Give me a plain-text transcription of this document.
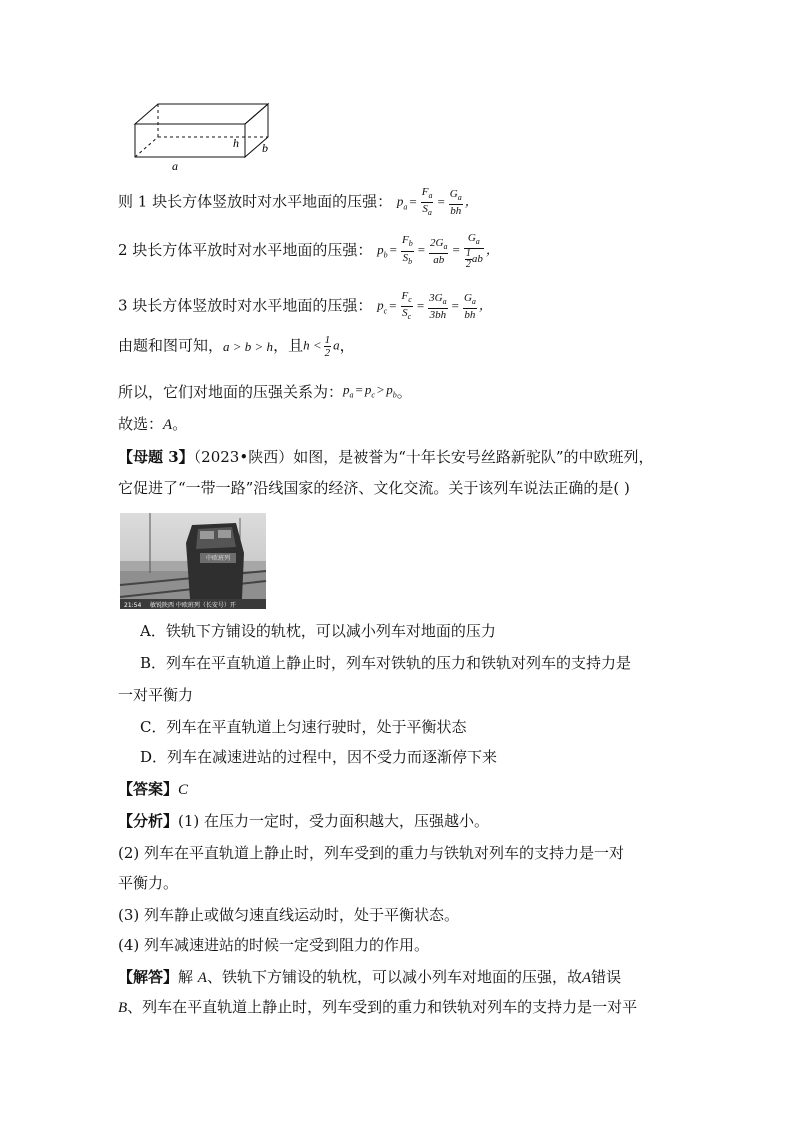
a
h b
则 1 块长方体竖放时对水平地面的压强： $p_a = \frac{F_a}{S_a} = \frac{G_a}{bh}$ ，
2 块长方体平放时对水平地面的压强： $p_b = \frac{F_b}{S_b} = \frac{2G_a}{ab} = \frac{G_a}{\frac{1}{2} ab}$ ，
3 块长方体竖放时对水平地面的压强： $p_c = \frac{F_c}{S_c} = \frac{3G_a}{3bh} = \frac{G_a}{bh}$ ，
由题和图可知，a > b > h，且$h < \frac{1}{2}$ a，
所以，它们对地面的压强关系为：$p_a = p_c > p_b$。
故选：A。
【母题 3】（2023•陕西）如图，是被誉为“十年长安号丝路新驼队”的中欧班列，
它促进了“一带一路”沿线国家的经济、文化交流。关于该列车说法正确的是( )
中欧班列
21:54 敏锐陕西 中欧班列（长安号）开
A．铁轨下方铺设的轨枕，可以减小列车对地面的压力
B．列车在平直轨道上静止时，列车对铁轨的压力和铁轨对列车的支持力是
一对平衡力
C．列车在平直轨道上匀速行驶时，处于平衡状态
D．列车在减速进站的过程中，因不受力而逐渐停下来
【答案】C
【分析】(1) 在压力一定时，受力面积越大，压强越小。
(2) 列车在平直轨道上静止时，列车受到的重力与铁轨对列车的支持力是一对
平衡力。
(3) 列车静止或做匀速直线运动时，处于平衡状态。
(4) 列车减速进站的时候一定受到阻力的作用。
【解答】解 A、铁轨下方铺设的轨枕，可以减小列车对地面的压强，故A错误
B、列车在平直轨道上静止时，列车受到的重力和铁轨对列车的支持力是一对平
